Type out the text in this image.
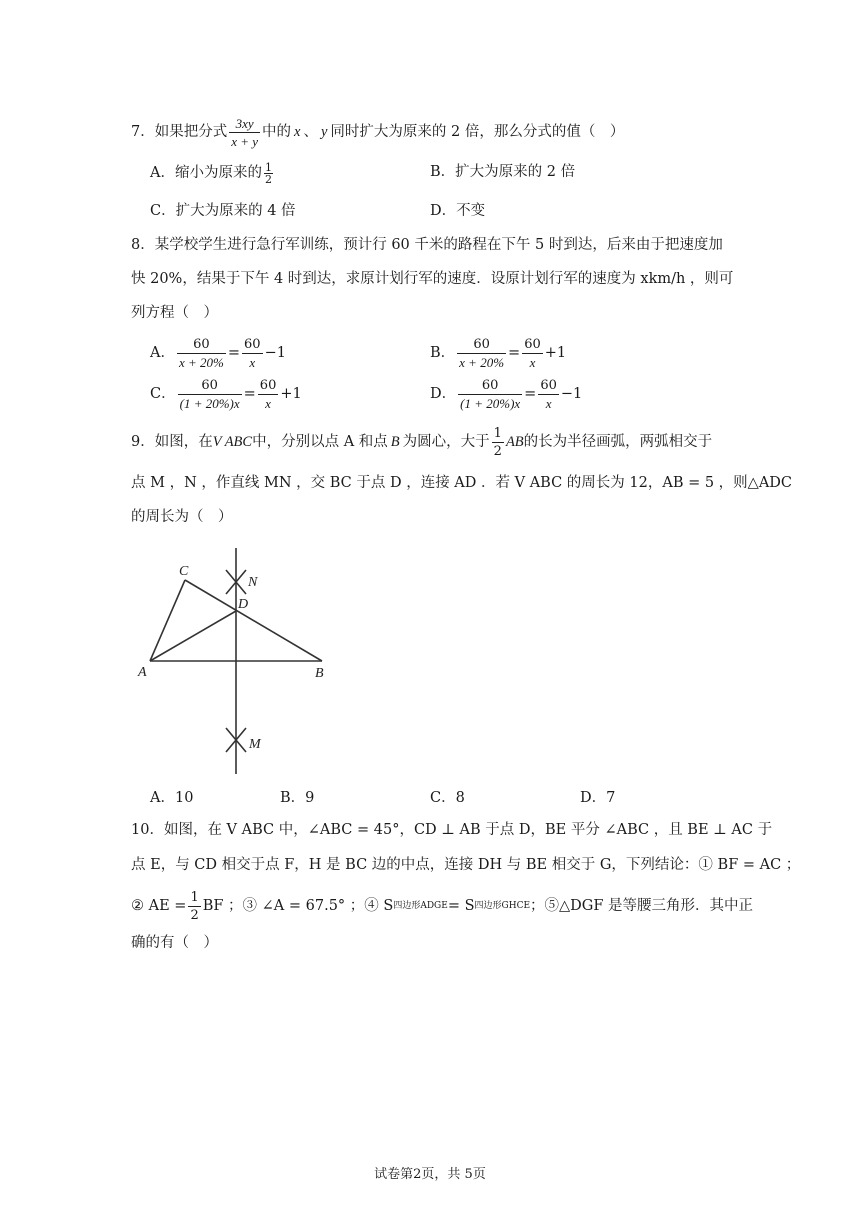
7．如果把分式 $\frac{3xy}{x + y}$ 中的 x 、 y 同时扩大为原来的 2 倍，那么分式的值（　）
A．缩小为原来的 $\frac{1}{2}$	B．扩大为原来的 2 倍
C．扩大为原来的 4 倍	D．不变
8．某学校学生进行急行军训练，预计行 60 千米的路程在下午 5 时到达，后来由于把速度加
快 20%，结果于下午 4 时到达，求原计划行军的速度．设原计划行军的速度为 xkm/h ，则可
列方程（　）
A． $\frac{60}{x + 20\%} = \frac{60}{x} -1$	B． $\frac{60}{x + 20\%} = \frac{60}{x} +1$
C． $\frac{60}{(1 + 20\%)x} = \frac{60}{x} +1$	D． $\frac{60}{(1 + 20\%)x} = \frac{60}{x} -1$
9．如图，在 V ABC 中，分别以点 A 和点 B 为圆心，大于 $\frac{1}{2}$ AB 的长为半径画弧，两弧相交于
点 M ，N ，作直线 MN ，交 BC 于点 D ，连接 AD ．若 V ABC 的周长为 12，AB = 5 ，则△ADC
的周长为（　）
C
N
D
A	B
M
A．10	B．9	C．8	D．7
10．如图，在 V ABC 中，∠ABC = 45°，CD ⊥ AB 于点 D，BE 平分 ∠ABC ，且 BE ⊥ AC 于
点 E，与 CD 相交于点 F，H 是 BC 边的中点，连接 DH 与 BE 相交于 G，下列结论：① BF = AC ；
② AE = $\frac{1}{2}$ BF ；③ ∠A = 67.5° ；④ S 四边形ADGE = S 四边形GHCE ；⑤△DGF 是等腰三角形．其中正
确的有（　）
试卷第2页，共 5页
